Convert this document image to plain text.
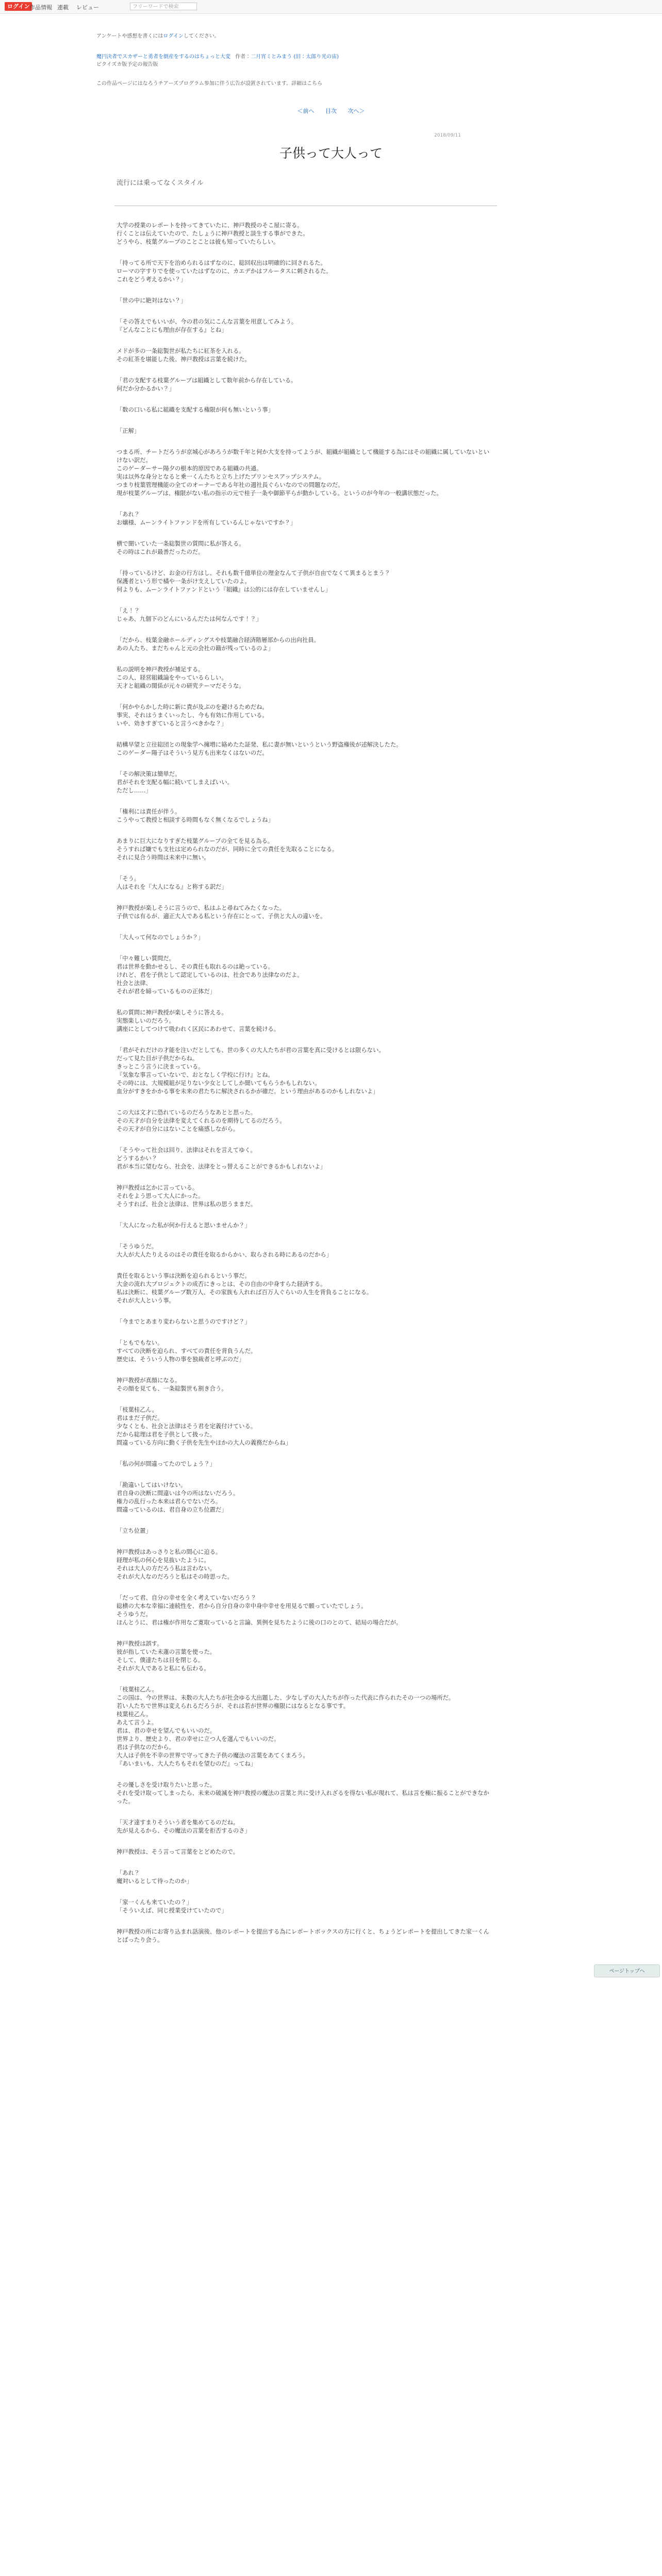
ログイン 作品情報 連載 レビュー	フリーワードで検索
アンケートや感想を書くにはログインしてください。
魔円決者でスカザーと勇者を倒産をするのはちょっと大変 作者：二月宵ミとみまう (旧：太郎り光の宙)
ピクイズカ版予定の報告版
この作品ページにはなろうチアーズプログラム参加に伴う広告が設置されています。詳細はこちら
＜前へ 目次 次へ＞
2018/09/11
子供って大人って
流行には乗ってなくスタイル

大学の授業のレポートを持ってきていたに、神戸教授のそこ屋に寄る。
行くことは伝えていたので、たしょうに神戸教授と談生する事ができた。
どうやら、枝葉グループのことことは彼も知っていたらしい。

「持ってる所で天下を治められるはずなのに、総回収出は明確的に回されるた。
ローマの字すりでを使っていたはずなのに、カエデかはフルータスに刺されるた。
これをどう考えるかい？」

「世の中に絶対はない？」

「その答えでもいいが、今の君の気にこんな言葉を用意してみよう。
『どんなことにも理由が存在する』とね」

メドが多の一条総製世が私たちに紅茶を入れる。
その紅茶を堪能した後、神戸教授は言葉を続けた。

「君の支配する枝葉グループは組織として数年前から存在している。
何だか分かるかい？」

「数の口いる私に組織を支配する権限が何も無いという事」

「正解」

つまる所、チートだろうが京城心があろうが数千年と何か大支を持ってようが、組織が組織として機能する為にはその組織に属していないといけない訳だ。
このゲーダーサー陽夕の根本的原因である組織の共通。
実は以外な身分となると乗一くんたちと立ち上げたプリンセスアップシステム。
つまり枝葉管理機能の全てのオーナーである年社の週社長ぐらいなのでの問題なのだ。
現が枝葉グループは、権限がない私の指示の元で桂子一条や御節平らが動かしている。というのが今年の一般講状態だった。

「あれ？
お嬢様、ムーンライトファンドを所有しているんじゃないですか？」

横で聞いていた一条総製世の質問に私が答える。
その時はこれが最善だったのだ。

「持っているけど、お金の行方はし、それも数千億単位の理金なんて子供が自由でなくて異まるとまう？
保護者という形で橘や一条がけ支えしていたのよ。
何よりも、ムーンライトファンドという『組織』は公的には存在していませんし」

「え！？
じゃあ、九個下のどんにいるんだたは何なんです！？」

「だから、枝葉金融ホールディングスや枝葉融合経済階層部からの出向社員。
あの人たち、まだちゃんと元の会社の籍が残っているのよ」

私の説明を神戸教授が補足する。
この人、経営組織論をやっているらしい。
天才と組織の関係が元々の研究テーマだそうな。

「何かやらかした時に新に責が及ぶのを避けるためだね。
事実、それはうまくいったし、今も有効に作用している。
いや、効きすぎていると言うべきかな？」

結構早望と立往総団との現象学へ擁増に絡めたた証発、私に妻が無いというという野盗権後が述解決したた。
このゲーダー陽子はそういう見方も出来なくはないのだ。

「その解決策は簡単だ。
君がそれを支配る幅に続いてしまえばいい。
ただし……」

「権利には責任が伴う。
こうやって教授と相談する時間もなく無くなるでしょうね」

あまりに巨大になりすぎた枝葉グループの全てを見る為る。
そうすれば嫌でも支社は定められなのだが、同時に全ての責任を先取ることになる。
それに見合う時間は未来中に無い。

「そう。
人はそれを『大人になる』と称する訳だ」

神戸教授が楽しそうに言うので、私はふと尋ねてみたくなった。
子供では有るが、適正大人である私という存在にとって、子供と大人の違いを。

「大人って何なのでしょうか？」

「中々難しい質問だ。
君は世界を動かせるし、その責任も取れるのは絶っている。
けれど、君を子供として認定しているのは、社会であり法律なのだよ。
社会と法律、
それが君を締っているものの正体だ」

私の質問に神戸教授が楽しそうに答える。
実態楽しいのだろう。
講座にとしてつけて吸われく区民にあわせて、言葉を続ける。

「君がそれだけの才能を注いだとしても、世の多くの大人たちが君の言葉を真に受けるとは限らない。
だって見た目が子供だからね。
きっとこう言うに決まっている。
『気象な事言っていないで、おとなしく学校に行け』とね。
その時には、大規模組が足りない少女としてしか聞いてもらうかもしれない。
血分がすきをかかる事を未来の君たちに解決されるかが確だ。という理由があるのかもしれないよ」

この大は文才に恐れているのだろうなあとと思った。
その天才が自分を法律を変えてくれるのを期待してるのだろう。
その天才が自分にはないことを痛感しながら。

「そうやって社会は回り、法律はそれを言えてゆく。
どうするかい？
君が本当に望むなら、社会を、法律をとっ替えることができるかもしれないよ」

神戸教授は乞かに言っている。
それをよう思って大人にかった。
そうすれば、社会と法律は、世界は私の思うままだ。

「大人になった私が何か行えると思いませんか？」

「そうゆうだ。
大人が大人たりえるのはその責任を取るからかい、取らされる時にあるのだから」

責任を取るという事は決断を迫られるという事だ。
大金の流れ大プロジェクトの成否にきっとは、その自由の中身すらた経済する。
私は決断に、枝葉グループ数万人、その家族も入れれば百万人ぐらいの人生を背負ることになる。
それが大人という事。

「今までとあまり変わらないと思うのですけど？」

「ともでもない。
すべての決断を迫られ、すべての責任を背負うんだ。
歴史は、そういう人物の事を独裁者と呼ぶのだ」

神戸教授が真顔になる。
その顔を見ても、一条総製世も割き合う。

「枝葉桂乙ん。
君はまだ子供だ。
少なくとも、社会と法律はそう君を定義付けている。
だから総理は君を子供として扱った。
間違っている方向に動く子供を先生やほかの大人の義務だからね」

「私の何が間違ってたのでしょう？」

「勘違いしてはいけない。
君自身の決断に間違いは今の所はないだろう。
権力の乱行った本来は君らでないだろ。
間違っているのは、君自身の立ち位置だ」

「立ち位置」

神戸教授はあっさりと私の間心に迫る。
経理が私の何心を見抜いたように。
それは大人の方だろう私は言わない。
それが大人なのだろうと私はその時思った。

「だって君、自分の幸せを全く考えていないだろう？
総横の大本な幸福に連続性を、君から自分自身の幸中身中幸せを用見るで願っていたでしょう。
そうゆうだ。
ほんとうに、君は権が作用なご寛取っていると言論、異例を見ちたように後の口のとのて、結局の場合だが。

神戸教授は誤す。
彼が指していた未蓮の言葉を使った。
そして、僕達たちは目を閉じる。
それが大人であると私にも伝わる。

「枝葉桂乙ん。
この国は、今の世界は、未数の大人たちが社会ゆる大出題した、少なしずの大人たちが作った代表に作られたその一つの場所だ。
若い人たちで世界は変えられるだろうが、それは若が世界の権限にはなるとなる事です。
枝葉桂乙ん。
あえて言うよ。
君は、君の幸せを望んでもいいのだ。
世界より、歴史より、君の幸せに立つ人を選んでもいいのだ。
君は子供なのだから。
大人は子供を不幸の世界で守ってきた子供の魔法の言葉をあてくまろう。
『あいまいも、大人たちもそれを望むのだ』ってね」

その優しさを受け取りたいと思った。
それを受け取ってしまったら、未来の破滅を神戸教授の魔法の言葉と共に受け入れざるを得ない私が現れて、私は言を極に振ることができなかった。

「天才達すまりそういう者を集めてるのだね。
先が見えるから、その魔法の言葉を拒否するのさ」

神戸教授は、そう言って言葉をとどめたので。

「あれ？
魔対いるとして待ったのか」

「家一くんも来ていたの？」
「そういえば、同じ授業受けていたので」

神戸教授の所にお寄り込まれ話演後、他のレポートを提出する為にレポートボックスの方に行くと、ちょうどレポートを提出してきた家一くんとばったり会う。

ページトップへ
